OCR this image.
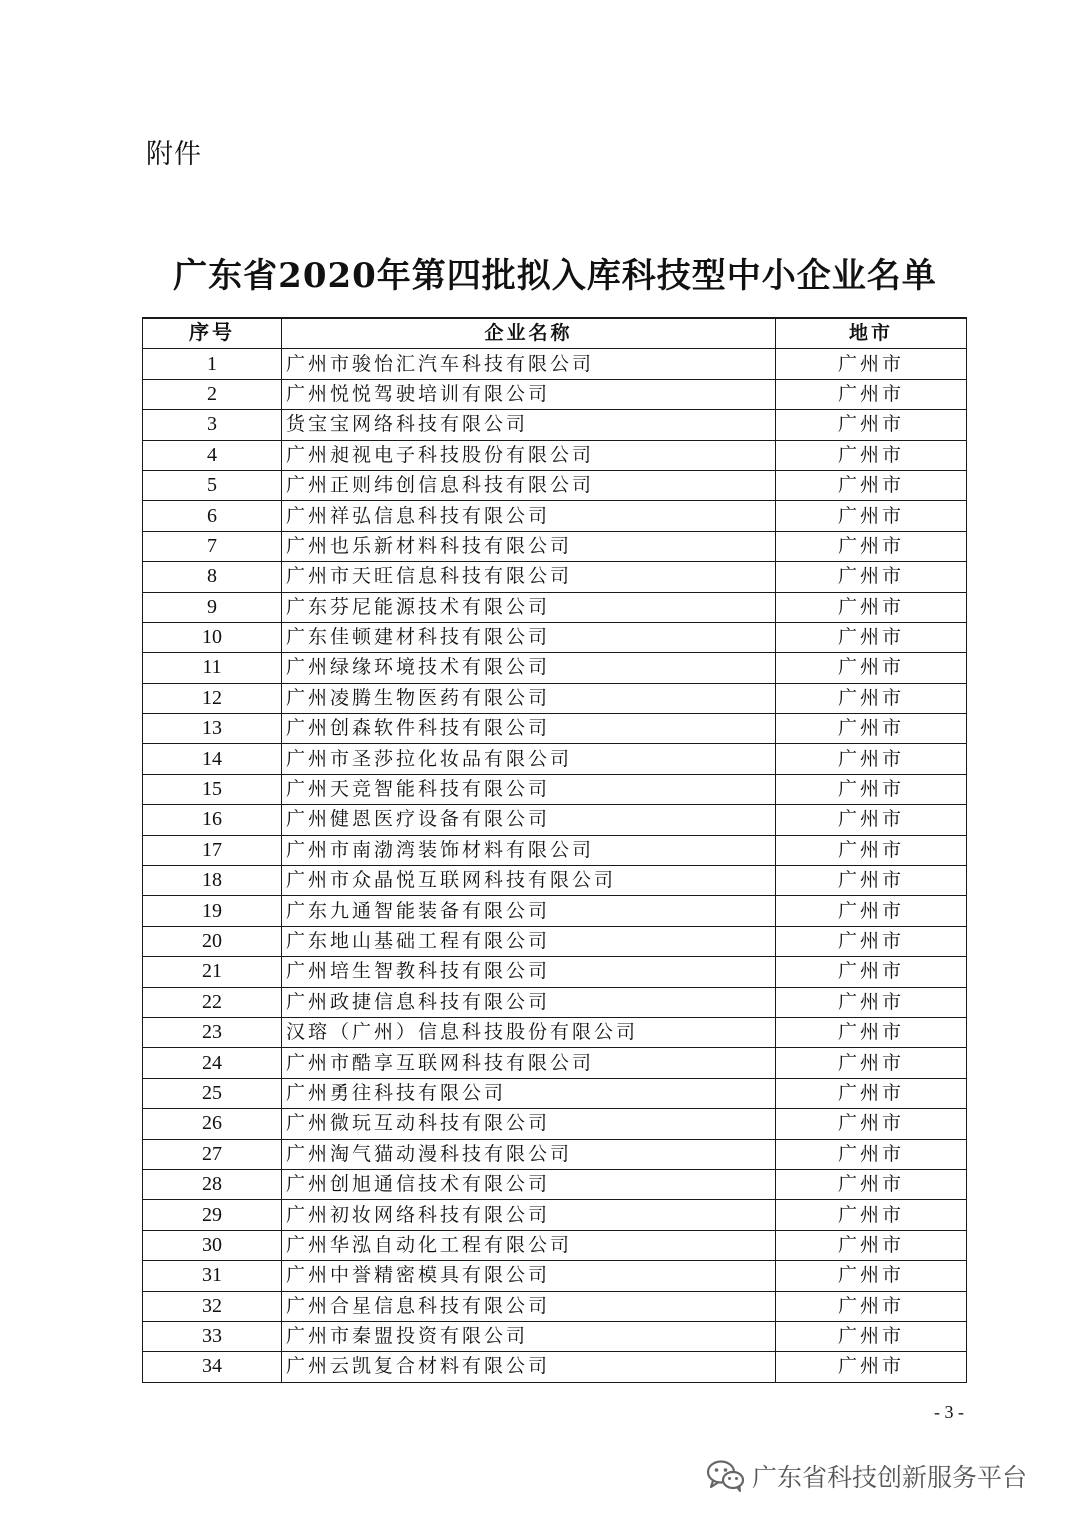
附件
广东省2020年第四批拟入库科技型中小企业名单
序号	企业名称	地市
1	广州市骏怡汇汽车科技有限公司	广州市
2	广州悦悦驾驶培训有限公司	广州市
3	货宝宝网络科技有限公司	广州市
4	广州昶视电子科技股份有限公司	广州市
5	广州正则纬创信息科技有限公司	广州市
6	广州祥弘信息科技有限公司	广州市
7	广州也乐新材料科技有限公司	广州市
8	广州市天旺信息科技有限公司	广州市
9	广东芬尼能源技术有限公司	广州市
10	广东佳顿建材科技有限公司	广州市
11	广州绿缘环境技术有限公司	广州市
12	广州凌腾生物医药有限公司	广州市
13	广州创森软件科技有限公司	广州市
14	广州市圣莎拉化妆品有限公司	广州市
15	广州天竞智能科技有限公司	广州市
16	广州健恩医疗设备有限公司	广州市
17	广州市南渤湾装饰材料有限公司	广州市
18	广州市众晶悦互联网科技有限公司	广州市
19	广东九通智能装备有限公司	广州市
20	广东地山基础工程有限公司	广州市
21	广州培生智教科技有限公司	广州市
22	广州政捷信息科技有限公司	广州市
23	汉瑢（广州）信息科技股份有限公司	广州市
24	广州市酷享互联网科技有限公司	广州市
25	广州勇往科技有限公司	广州市
26	广州微玩互动科技有限公司	广州市
27	广州淘气猫动漫科技有限公司	广州市
28	广州创旭通信技术有限公司	广州市
29	广州初妆网络科技有限公司	广州市
30	广州华泓自动化工程有限公司	广州市
31	广州中誉精密模具有限公司	广州市
32	广州合星信息科技有限公司	广州市
33	广州市秦盟投资有限公司	广州市
34	广州云凯复合材料有限公司	广州市
- 3 -
广东省科技创新服务平台
